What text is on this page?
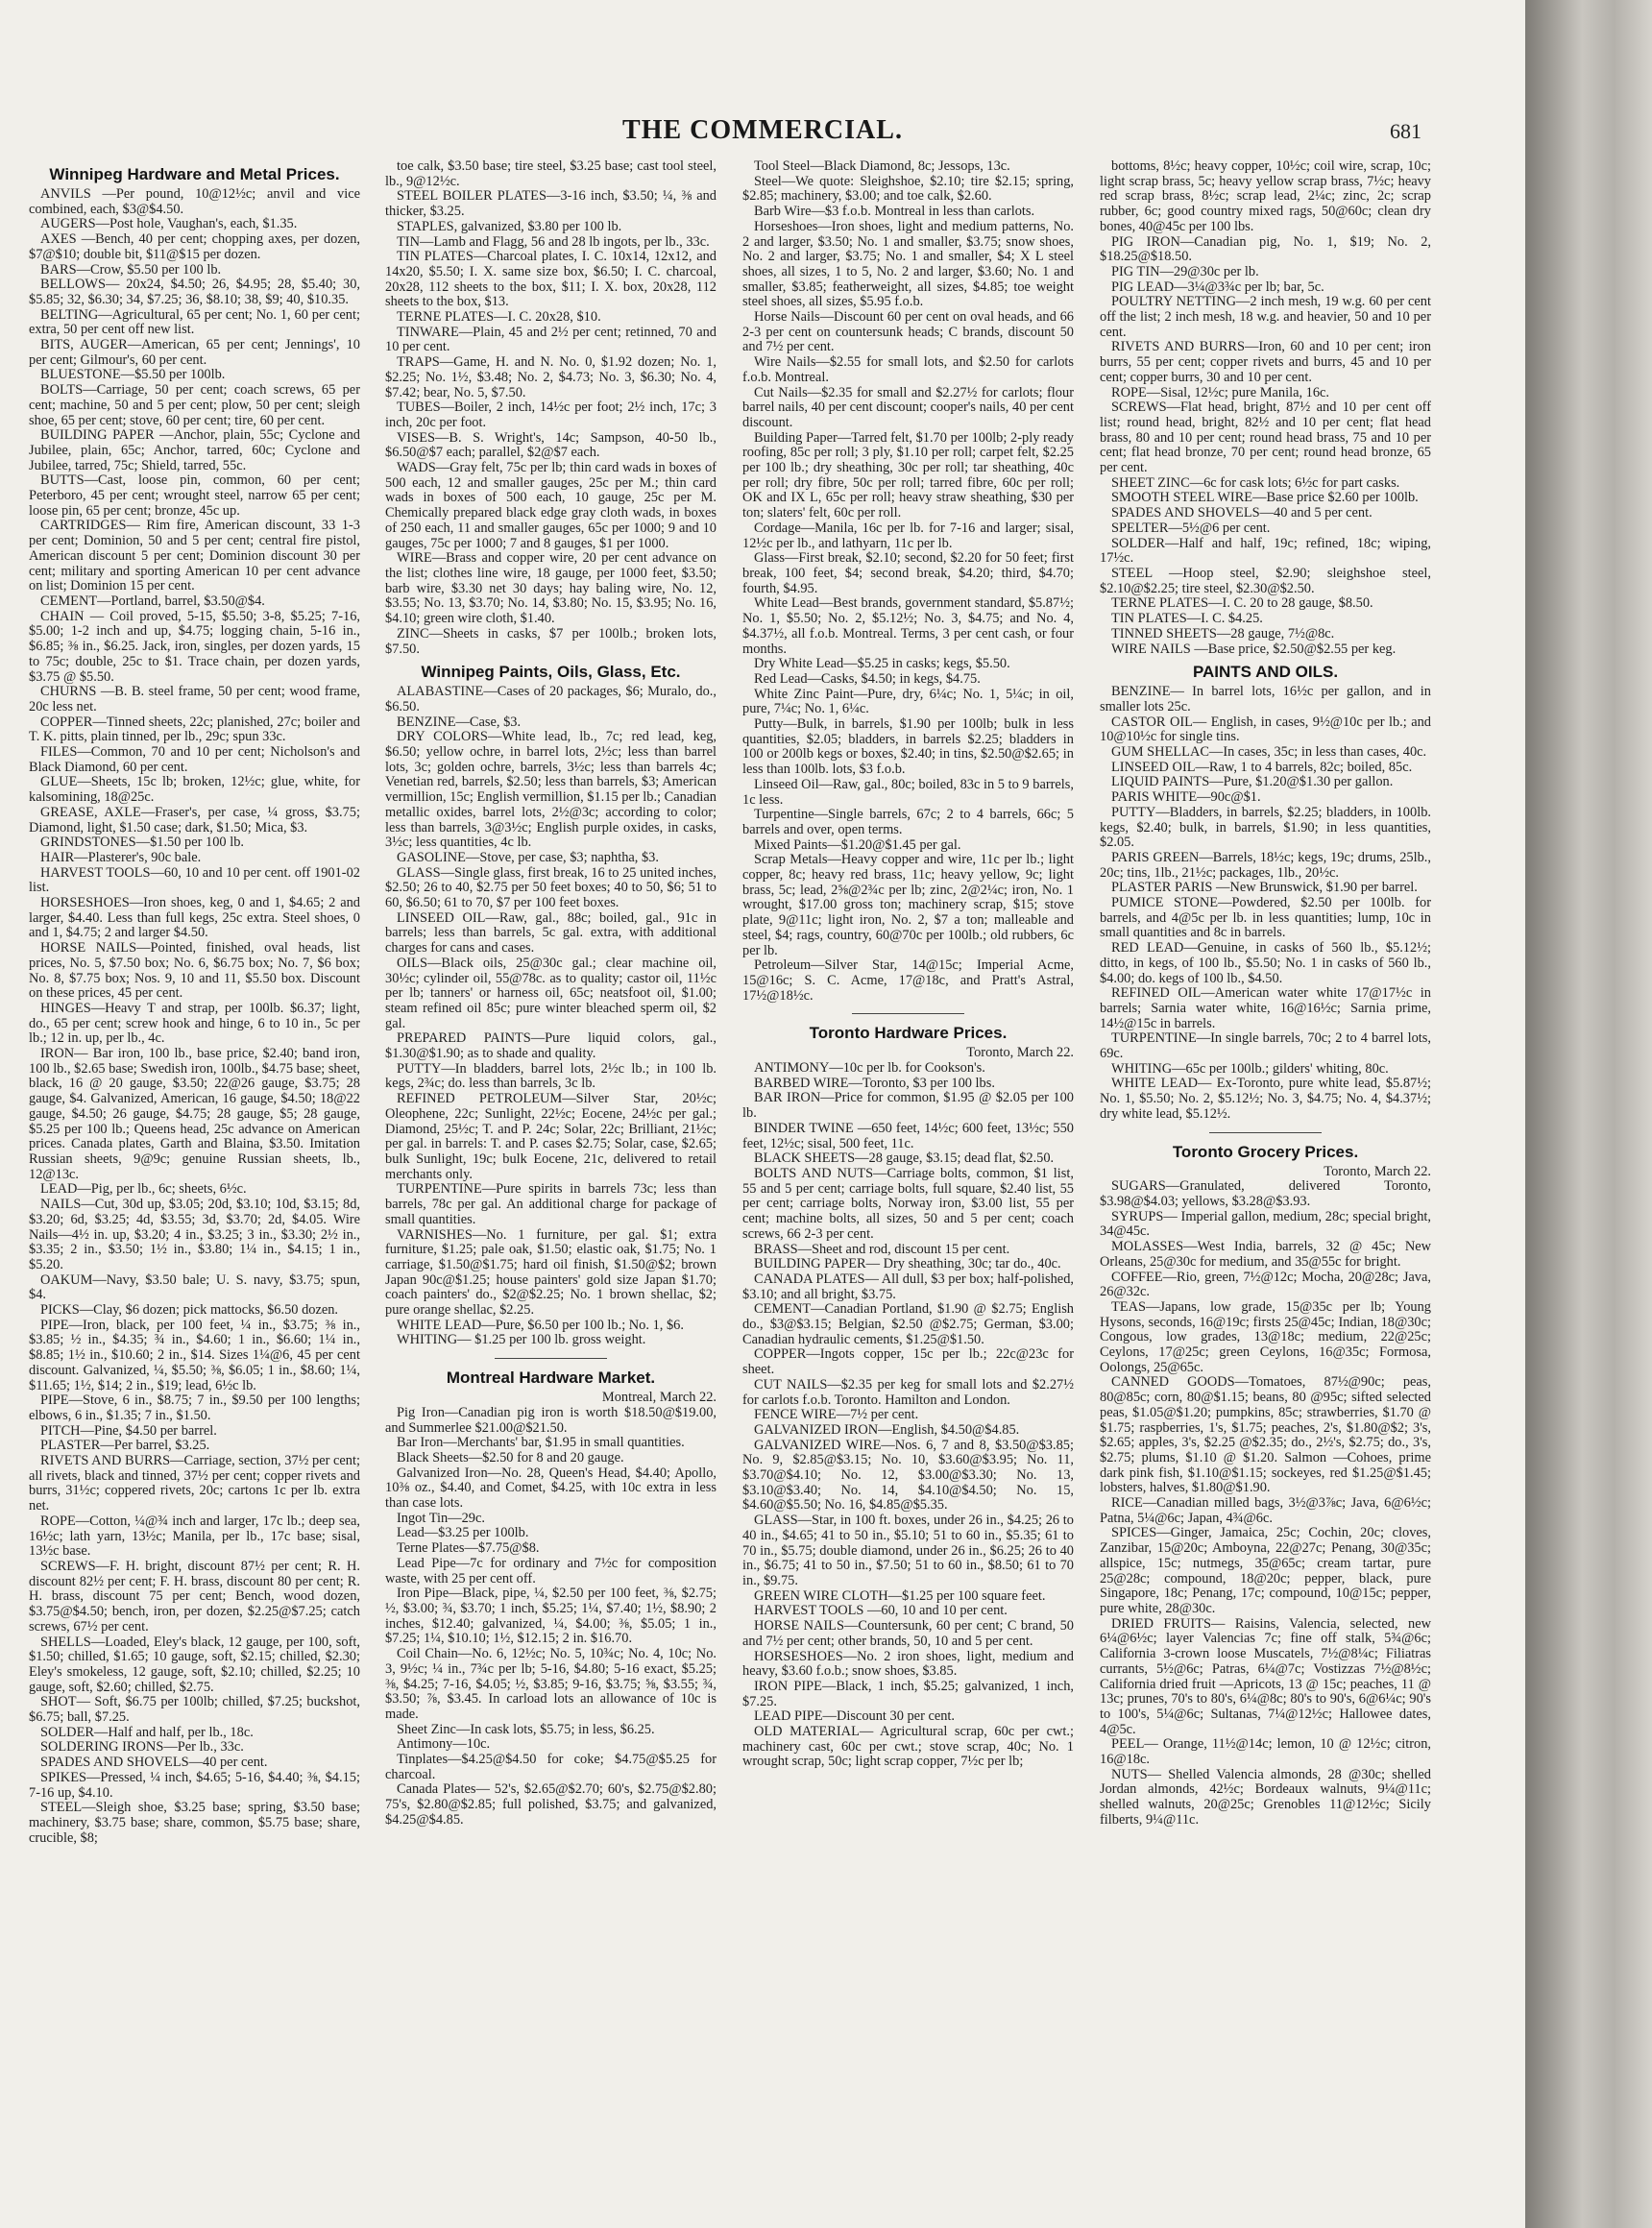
THE COMMERCIAL.	681
Winnipeg Hardware and Metal Prices.

ANVILS —Per pound, 10@12½c; anvil and vice combined, each, $3@$4.50.

AUGERS—Post hole, Vaughan's, each, $1.35.

AXES —Bench, 40 per cent; chopping axes, per dozen, $7@$10; double bit, $11@$15 per dozen.

BARS—Crow, $5.50 per 100 lb.

BELLOWS— 20x24, $4.50; 26, $4.95; 28, $5.40; 30, $5.85; 32, $6.30; 34, $7.25; 36, $8.10; 38, $9; 40, $10.35.

BELTING—Agricultural, 65 per cent; No. 1, 60 per cent; extra, 50 per cent off new list.

BITS, AUGER—American, 65 per cent; Jennings', 10 per cent; Gilmour's, 60 per cent.

BLUESTONE—$5.50 per 100lb.

BOLTS—Carriage, 50 per cent; coach screws, 65 per cent; machine, 50 and 5 per cent; plow, 50 per cent; sleigh shoe, 65 per cent; stove, 60 per cent; tire, 60 per cent.

BUILDING PAPER —Anchor, plain, 55c; Cyclone and Jubilee, plain, 65c; Anchor, tarred, 60c; Cyclone and Jubilee, tarred, 75c; Shield, tarred, 55c.

BUTTS—Cast, loose pin, common, 60 per cent; Peterboro, 45 per cent; wrought steel, narrow 65 per cent; loose pin, 65 per cent; bronze, 45c up.

CARTRIDGES— Rim fire, American discount, 33 1-3 per cent; Dominion, 50 and 5 per cent; central fire pistol, American discount 5 per cent; Dominion discount 30 per cent; military and sporting American 10 per cent advance on list; Dominion 15 per cent.

CEMENT—Portland, barrel, $3.50@$4.

CHAIN — Coil proved, 5-15, $5.50; 3-8, $5.25; 7-16, $5.00; 1-2 inch and up, $4.75; logging chain, 5-16 in., $6.85; ⅜ in., $6.25. Jack, iron, singles, per dozen yards, 15 to 75c; double, 25c to $1. Trace chain, per dozen yards, $3.75 @ $5.50.

CHURNS —B. B. steel frame, 50 per cent; wood frame, 20c less net.

COPPER—Tinned sheets, 22c; planished, 27c; boiler and T. K. pitts, plain tinned, per lb., 29c; spun 33c.

FILES—Common, 70 and 10 per cent; Nicholson's and Black Diamond, 60 per cent.

GLUE—Sheets, 15c lb; broken, 12½c; glue, white, for kalsomining, 18@25c.

GREASE, AXLE—Fraser's, per case, ¼ gross, $3.75; Diamond, light, $1.50 case; dark, $1.50; Mica, $3.

GRINDSTONES—$1.50 per 100 lb.

HAIR—Plasterer's, 90c bale.

HARVEST TOOLS—60, 10 and 10 per cent. off 1901-02 list.

HORSESHOES—Iron shoes, keg, 0 and 1, $4.65; 2 and larger, $4.40. Less than full kegs, 25c extra. Steel shoes, 0 and 1, $4.75; 2 and larger $4.50.

HORSE NAILS—Pointed, finished, oval heads, list prices, No. 5, $7.50 box; No. 6, $6.75 box; No. 7, $6 box; No. 8, $7.75 box; Nos. 9, 10 and 11, $5.50 box. Discount on these prices, 45 per cent.

HINGES—Heavy T and strap, per 100lb. $6.37; light, do., 65 per cent; screw hook and hinge, 6 to 10 in., 5c per lb.; 12 in. up, per lb., 4c.

IRON— Bar iron, 100 lb., base price, $2.40; band iron, 100 lb., $2.65 base; Swedish iron, 100lb., $4.75 base; sheet, black, 16 @ 20 gauge, $3.50; 22@26 gauge, $3.75; 28 gauge, $4. Galvanized, American, 16 gauge, $4.50; 18@22 gauge, $4.50; 26 gauge, $4.75; 28 gauge, $5; 28 gauge, $5.25 per 100 lb.; Queens head, 25c advance on American prices. Canada plates, Garth and Blaina, $3.50. Imitation Russian sheets, 9@9c; genuine Russian sheets, lb., 12@13c.

LEAD—Pig, per lb., 6c; sheets, 6½c.

NAILS—Cut, 30d up, $3.05; 20d, $3.10; 10d, $3.15; 8d, $3.20; 6d, $3.25; 4d, $3.55; 3d, $3.70; 2d, $4.05. Wire Nails—4½ in. up, $3.20; 4 in., $3.25; 3 in., $3.30; 2½ in., $3.35; 2 in., $3.50; 1½ in., $3.80; 1¼ in., $4.15; 1 in., $5.20.

OAKUM—Navy, $3.50 bale; U. S. navy, $3.75; spun, $4.

PICKS—Clay, $6 dozen; pick mattocks, $6.50 dozen.

PIPE—Iron, black, per 100 feet, ¼ in., $3.75; ⅜ in., $3.85; ½ in., $4.35; ¾ in., $4.60; 1 in., $6.60; 1¼ in., $8.85; 1½ in., $10.60; 2 in., $14. Sizes 1¼@6, 45 per cent discount. Galvanized, ¼, $5.50; ⅜, $6.05; 1 in., $8.60; 1¼, $11.65; 1½, $14; 2 in., $19; lead, 6½c lb.

PIPE—Stove, 6 in., $8.75; 7 in., $9.50 per 100 lengths; elbows, 6 in., $1.35; 7 in., $1.50.

PITCH—Pine, $4.50 per barrel.

PLASTER—Per barrel, $3.25.

RIVETS AND BURRS—Carriage, section, 37½ per cent; all rivets, black and tinned, 37½ per cent; copper rivets and burrs, 31½c; coppered rivets, 20c; cartons 1c per lb. extra net.

ROPE—Cotton, ¼@¾ inch and larger, 17c lb.; deep sea, 16½c; lath yarn, 13½c; Manila, per lb., 17c base; sisal, 13½c base.

SCREWS—F. H. bright, discount 87½ per cent; R. H. discount 82½ per cent; F. H. brass, discount 80 per cent; R. H. brass, discount 75 per cent; Bench, wood dozen, $3.75@$4.50; bench, iron, per dozen, $2.25@$7.25; catch screws, 67½ per cent.

SHELLS—Loaded, Eley's black, 12 gauge, per 100, soft, $1.50; chilled, $1.65; 10 gauge, soft, $2.15; chilled, $2.30; Eley's smokeless, 12 gauge, soft, $2.10; chilled, $2.25; 10 gauge, soft, $2.60; chilled, $2.75.

SHOT— Soft, $6.75 per 100lb; chilled, $7.25; buckshot, $6.75; ball, $7.25.

SOLDER—Half and half, per lb., 18c.

SOLDERING IRONS—Per lb., 33c.

SPADES AND SHOVELS—40 per cent.

SPIKES—Pressed, ¼ inch, $4.65; 5-16, $4.40; ⅜, $4.15; 7-16 up, $4.10.

STEEL—Sleigh shoe, $3.25 base; spring, $3.50 base; machinery, $3.75 base; share, common, $5.75 base; share, crucible, $8;

toe calk, $3.50 base; tire steel, $3.25 base; cast tool steel, lb., 9@12½c.

STEEL BOILER PLATES—3-16 inch, $3.50; ¼, ⅜ and thicker, $3.25.

STAPLES, galvanized, $3.80 per 100 lb.

TIN—Lamb and Flagg, 56 and 28 lb ingots, per lb., 33c.

TIN PLATES—Charcoal plates, I. C. 10x14, 12x12, and 14x20, $5.50; I. X. same size box, $6.50; I. C. charcoal, 20x28, 112 sheets to the box, $11; I. X. box, 20x28, 112 sheets to the box, $13.

TERNE PLATES—I. C. 20x28, $10.

TINWARE—Plain, 45 and 2½ per cent; retinned, 70 and 10 per cent.

TRAPS—Game, H. and N. No. 0, $1.92 dozen; No. 1, $2.25; No. 1½, $3.48; No. 2, $4.73; No. 3, $6.30; No. 4, $7.42; bear, No. 5, $7.50.

TUBES—Boiler, 2 inch, 14½c per foot; 2½ inch, 17c; 3 inch, 20c per foot.

VISES—B. S. Wright's, 14c; Sampson, 40-50 lb., $6.50@$7 each; parallel, $2@$7 each.

WADS—Gray felt, 75c per lb; thin card wads in boxes of 500 each, 12 and smaller gauges, 25c per M.; thin card wads in boxes of 500 each, 10 gauge, 25c per M. Chemically prepared black edge gray cloth wads, in boxes of 250 each, 11 and smaller gauges, 65c per 1000; 9 and 10 gauges, 75c per 1000; 7 and 8 gauges, $1 per 1000.

WIRE—Brass and copper wire, 20 per cent advance on the list; clothes line wire, 18 gauge, per 1000 feet, $3.50; barb wire, $3.30 net 30 days; hay baling wire, No. 12, $3.55; No. 13, $3.70; No. 14, $3.80; No. 15, $3.95; No. 16, $4.10; green wire cloth, $1.40.

ZINC—Sheets in casks, $7 per 100lb.; broken lots, $7.50.

Winnipeg Paints, Oils, Glass, Etc.

ALABASTINE—Cases of 20 packages, $6; Muralo, do., $6.50.

BENZINE—Case, $3.

DRY COLORS—White lead, lb., 7c; red lead, keg, $6.50; yellow ochre, in barrel lots, 2½c; less than barrel lots, 3c; golden ochre, barrels, 3½c; less than barrels 4c; Venetian red, barrels, $2.50; less than barrels, $3; American vermillion, 15c; English vermillion, $1.15 per lb.; Canadian metallic oxides, barrel lots, 2½@3c; according to color; less than barrels, 3@3½c; English purple oxides, in casks, 3½c; less quantities, 4c lb.

GASOLINE—Stove, per case, $3; naphtha, $3.

GLASS—Single glass, first break, 16 to 25 united inches, $2.50; 26 to 40, $2.75 per 50 feet boxes; 40 to 50, $6; 51 to 60, $6.50; 61 to 70, $7 per 100 feet boxes.

LINSEED OIL—Raw, gal., 88c; boiled, gal., 91c in barrels; less than barrels, 5c gal. extra, with additional charges for cans and cases.

OILS—Black oils, 25@30c gal.; clear machine oil, 30½c; cylinder oil, 55@78c. as to quality; castor oil, 11½c per lb; tanners' or harness oil, 65c; neatsfoot oil, $1.00; steam refined oil 85c; pure winter bleached sperm oil, $2 gal.

PREPARED PAINTS—Pure liquid colors, gal., $1.30@$1.90; as to shade and quality.

PUTTY—In bladders, barrel lots, 2½c lb.; in 100 lb. kegs, 2¾c; do. less than barrels, 3c lb.

REFINED PETROLEUM—Silver Star, 20½c; Oleophene, 22c; Sunlight, 22½c; Eocene, 24½c per gal.; Diamond, 25½c; T. and P. 24c; Solar, 22c; Brilliant, 21½c; per gal. in barrels: T. and P. cases $2.75; Solar, case, $2.65; bulk Sunlight, 19c; bulk Eocene, 21c, delivered to retail merchants only.

TURPENTINE—Pure spirits in barrels 73c; less than barrels, 78c per gal. An additional charge for package of small quantities.

VARNISHES—No. 1 furniture, per gal. $1; extra furniture, $1.25; pale oak, $1.50; elastic oak, $1.75; No. 1 carriage, $1.50@$1.75; hard oil finish, $1.50@$2; brown Japan 90c@$1.25; house painters' gold size Japan $1.70; coach painters' do., $2@$2.25; No. 1 brown shellac, $2; pure orange shellac, $2.25.

WHITE LEAD—Pure, $6.50 per 100 lb.; No. 1, $6.

WHITING— $1.25 per 100 lb. gross weight.

Montreal Hardware Market.

Montreal, March 22.

Pig Iron—Canadian pig iron is worth $18.50@$19.00, and Summerlee $21.00@$21.50.

Bar Iron—Merchants' bar, $1.95 in small quantities.

Black Sheets—$2.50 for 8 and 20 gauge.

Galvanized Iron—No. 28, Queen's Head, $4.40; Apollo, 10⅜ oz., $4.40, and Comet, $4.25, with 10c extra in less than case lots.

Ingot Tin—29c.

Lead—$3.25 per 100lb.

Terne Plates—$7.75@$8.

Lead Pipe—7c for ordinary and 7½c for composition waste, with 25 per cent off.

Iron Pipe—Black, pipe, ¼, $2.50 per 100 feet, ⅜, $2.75; ½, $3.00; ¾, $3.70; 1 inch, $5.25; 1¼, $7.40; 1½, $8.90; 2 inches, $12.40; galvanized, ¼, $4.00; ⅜, $5.05; 1 in., $7.25; 1¼, $10.10; 1½, $12.15; 2 in. $16.70.

Coil Chain—No. 6, 12½c; No. 5, 10¾c; No. 4, 10c; No. 3, 9½c; ¼ in., 7¾c per lb; 5-16, $4.80; 5-16 exact, $5.25; ⅜, $4.25; 7-16, $4.05; ½, $3.85; 9-16, $3.75; ⅝, $3.55; ¾, $3.50; ⅞, $3.45. In carload lots an allowance of 10c is made.

Sheet Zinc—In cask lots, $5.75; in less, $6.25.

Antimony—10c.

Tinplates—$4.25@$4.50 for coke; $4.75@$5.25 for charcoal.

Canada Plates— 52's, $2.65@$2.70; 60's, $2.75@$2.80; 75's, $2.80@$2.85; full polished, $3.75; and galvanized, $4.25@$4.85.

Tool Steel—Black Diamond, 8c; Jessops, 13c.

Steel—We quote: Sleighshoe, $2.10; tire $2.15; spring, $2.85; machinery, $3.00; and toe calk, $2.60.

Barb Wire—$3 f.o.b. Montreal in less than carlots.

Horseshoes—Iron shoes, light and medium patterns, No. 2 and larger, $3.50; No. 1 and smaller, $3.75; snow shoes, No. 2 and larger, $3.75; No. 1 and smaller, $4; X L steel shoes, all sizes, 1 to 5, No. 2 and larger, $3.60; No. 1 and smaller, $3.85; featherweight, all sizes, $4.85; toe weight steel shoes, all sizes, $5.95 f.o.b.

Horse Nails—Discount 60 per cent on oval heads, and 66 2-3 per cent on countersunk heads; C brands, discount 50 and 7½ per cent.

Wire Nails—$2.55 for small lots, and $2.50 for carlots f.o.b. Montreal.

Cut Nails—$2.35 for small and $2.27½ for carlots; flour barrel nails, 40 per cent discount; cooper's nails, 40 per cent discount.

Building Paper—Tarred felt, $1.70 per 100lb; 2-ply ready roofing, 85c per roll; 3 ply, $1.10 per roll; carpet felt, $2.25 per 100 lb.; dry sheathing, 30c per roll; tar sheathing, 40c per roll; dry fibre, 50c per roll; tarred fibre, 60c per roll; OK and IX L, 65c per roll; heavy straw sheathing, $30 per ton; slaters' felt, 60c per roll.

Cordage—Manila, 16c per lb. for 7-16 and larger; sisal, 12½c per lb., and lathyarn, 11c per lb.

Glass—First break, $2.10; second, $2.20 for 50 feet; first break, 100 feet, $4; second break, $4.20; third, $4.70; fourth, $4.95.

White Lead—Best brands, government standard, $5.87½; No. 1, $5.50; No. 2, $5.12½; No. 3, $4.75; and No. 4, $4.37½, all f.o.b. Montreal. Terms, 3 per cent cash, or four months.

Dry White Lead—$5.25 in casks; kegs, $5.50.

Red Lead—Casks, $4.50; in kegs, $4.75.

White Zinc Paint—Pure, dry, 6¼c; No. 1, 5¼c; in oil, pure, 7¼c; No. 1, 6¼c.

Putty—Bulk, in barrels, $1.90 per 100lb; bulk in less quantities, $2.05; bladders, in barrels $2.25; bladders in 100 or 200lb kegs or boxes, $2.40; in tins, $2.50@$2.65; in less than 100lb. lots, $3 f.o.b.

Linseed Oil—Raw, gal., 80c; boiled, 83c in 5 to 9 barrels, 1c less.

Turpentine—Single barrels, 67c; 2 to 4 barrels, 66c; 5 barrels and over, open terms.

Mixed Paints—$1.20@$1.45 per gal.

Scrap Metals—Heavy copper and wire, 11c per lb.; light copper, 8c; heavy red brass, 11c; heavy yellow, 9c; light brass, 5c; lead, 2⅝@2¾c per lb; zinc, 2@2¼c; iron, No. 1 wrought, $17.00 gross ton; machinery scrap, $15; stove plate, 9@11c; light iron, No. 2, $7 a ton; malleable and steel, $4; rags, country, 60@70c per 100lb.; old rubbers, 6c per lb.

Petroleum—Silver Star, 14@15c; Imperial Acme, 15@16c; S. C. Acme, 17@18c, and Pratt's Astral, 17½@18½c.

Toronto Hardware Prices.

Toronto, March 22.

ANTIMONY—10c per lb. for Cookson's.

BARBED WIRE—Toronto, $3 per 100 lbs.

BAR IRON—Price for common, $1.95 @ $2.05 per 100 lb.

BINDER TWINE —650 feet, 14½c; 600 feet, 13½c; 550 feet, 12½c; sisal, 500 feet, 11c.

BLACK SHEETS—28 gauge, $3.15; dead flat, $2.50.

BOLTS AND NUTS—Carriage bolts, common, $1 list, 55 and 5 per cent; carriage bolts, full square, $2.40 list, 55 per cent; carriage bolts, Norway iron, $3.00 list, 55 per cent; machine bolts, all sizes, 50 and 5 per cent; coach screws, 66 2-3 per cent.

BRASS—Sheet and rod, discount 15 per cent.

BUILDING PAPER— Dry sheathing, 30c; tar do., 40c.

CANADA PLATES— All dull, $3 per box; half-polished, $3.10; and all bright, $3.75.

CEMENT—Canadian Portland, $1.90 @ $2.75; English do., $3@$3.15; Belgian, $2.50 @$2.75; German, $3.00; Canadian hydraulic cements, $1.25@$1.50.

COPPER—Ingots copper, 15c per lb.; 22c@23c for sheet.

CUT NAILS—$2.35 per keg for small lots and $2.27½ for carlots f.o.b. Toronto. Hamilton and London.

FENCE WIRE—7½ per cent.

GALVANIZED IRON—English, $4.50@$4.85.

GALVANIZED WIRE—Nos. 6, 7 and 8, $3.50@$3.85; No. 9, $2.85@$3.15; No. 10, $3.60@$3.95; No. 11, $3.70@$4.10; No. 12, $3.00@$3.30; No. 13, $3.10@$3.40; No. 14, $4.10@$4.50; No. 15, $4.60@$5.50; No. 16, $4.85@$5.35.

GLASS—Star, in 100 ft. boxes, under 26 in., $4.25; 26 to 40 in., $4.65; 41 to 50 in., $5.10; 51 to 60 in., $5.35; 61 to 70 in., $5.75; double diamond, under 26 in., $6.25; 26 to 40 in., $6.75; 41 to 50 in., $7.50; 51 to 60 in., $8.50; 61 to 70 in., $9.75.

GREEN WIRE CLOTH—$1.25 per 100 square feet.

HARVEST TOOLS —60, 10 and 10 per cent.

HORSE NAILS—Countersunk, 60 per cent; C brand, 50 and 7½ per cent; other brands, 50, 10 and 5 per cent.

HORSESHOES—No. 2 iron shoes, light, medium and heavy, $3.60 f.o.b.; snow shoes, $3.85.

IRON PIPE—Black, 1 inch, $5.25; galvanized, 1 inch, $7.25.

LEAD PIPE—Discount 30 per cent.

OLD MATERIAL— Agricultural scrap, 60c per cwt.; machinery cast, 60c per cwt.; stove scrap, 40c; No. 1 wrought scrap, 50c; light scrap copper, 7½c per lb;

bottoms, 8½c; heavy copper, 10½c; coil wire, scrap, 10c; light scrap brass, 5c; heavy yellow scrap brass, 7½c; heavy red scrap brass, 8½c; scrap lead, 2¼c; zinc, 2c; scrap rubber, 6c; good country mixed rags, 50@60c; clean dry bones, 40@45c per 100 lbs.

PIG IRON—Canadian pig, No. 1, $19; No. 2, $18.25@$18.50.

PIG TIN—29@30c per lb.

PIG LEAD—3¼@3¾c per lb; bar, 5c.

POULTRY NETTING—2 inch mesh, 19 w.g. 60 per cent off the list; 2 inch mesh, 18 w.g. and heavier, 50 and 10 per cent.

RIVETS AND BURRS—Iron, 60 and 10 per cent; iron burrs, 55 per cent; copper rivets and burrs, 45 and 10 per cent; copper burrs, 30 and 10 per cent.

ROPE—Sisal, 12½c; pure Manila, 16c.

SCREWS—Flat head, bright, 87½ and 10 per cent off list; round head, bright, 82½ and 10 per cent; flat head brass, 80 and 10 per cent; round head brass, 75 and 10 per cent; flat head bronze, 70 per cent; round head bronze, 65 per cent.

SHEET ZINC—6c for cask lots; 6½c for part casks.

SMOOTH STEEL WIRE—Base price $2.60 per 100lb.

SPADES AND SHOVELS—40 and 5 per cent.

SPELTER—5½@6 per cent.

SOLDER—Half and half, 19c; refined, 18c; wiping, 17½c.

STEEL —Hoop steel, $2.90; sleighshoe steel, $2.10@$2.25; tire steel, $2.30@$2.50.

TERNE PLATES—I. C. 20 to 28 gauge, $8.50.

TIN PLATES—I. C. $4.25.

TINNED SHEETS—28 gauge, 7½@8c.

WIRE NAILS —Base price, $2.50@$2.55 per keg.

PAINTS AND OILS.

BENZINE— In barrel lots, 16½c per gallon, and in smaller lots 25c.

CASTOR OIL— English, in cases, 9½@10c per lb.; and 10@10½c for single tins.

GUM SHELLAC—In cases, 35c; in less than cases, 40c.

LINSEED OIL—Raw, 1 to 4 barrels, 82c; boiled, 85c.

LIQUID PAINTS—Pure, $1.20@$1.30 per gallon.

PARIS WHITE—90c@$1.

PUTTY—Bladders, in barrels, $2.25; bladders, in 100lb. kegs, $2.40; bulk, in barrels, $1.90; in less quantities, $2.05.

PARIS GREEN—Barrels, 18½c; kegs, 19c; drums, 25lb., 20c; tins, 1lb., 21½c; packages, 1lb., 20½c.

PLASTER PARIS —New Brunswick, $1.90 per barrel.

PUMICE STONE—Powdered, $2.50 per 100lb. for barrels, and 4@5c per lb. in less quantities; lump, 10c in small quantities and 8c in barrels.

RED LEAD—Genuine, in casks of 560 lb., $5.12½; ditto, in kegs, of 100 lb., $5.50; No. 1 in casks of 560 lb., $4.00; do. kegs of 100 lb., $4.50.

REFINED OIL—American water white 17@17½c in barrels; Sarnia water white, 16@16½c; Sarnia prime, 14½@15c in barrels.

TURPENTINE—In single barrels, 70c; 2 to 4 barrel lots, 69c.

WHITING—65c per 100lb.; gilders' whiting, 80c.

WHITE LEAD— Ex-Toronto, pure white lead, $5.87½; No. 1, $5.50; No. 2, $5.12½; No. 3, $4.75; No. 4, $4.37½; dry white lead, $5.12½.

Toronto Grocery Prices.

Toronto, March 22.

SUGARS—Granulated, delivered Toronto, $3.98@$4.03; yellows, $3.28@$3.93.

SYRUPS— Imperial gallon, medium, 28c; special bright, 34@45c.

MOLASSES—West India, barrels, 32 @ 45c; New Orleans, 25@30c for medium, and 35@55c for bright.

COFFEE—Rio, green, 7½@12c; Mocha, 20@28c; Java, 26@32c.

TEAS—Japans, low grade, 15@35c per lb; Young Hysons, seconds, 16@19c; firsts 25@45c; Indian, 18@30c; Congous, low grades, 13@18c; medium, 22@25c; Ceylons, 17@25c; green Ceylons, 16@35c; Formosa, Oolongs, 25@65c.

CANNED GOODS—Tomatoes, 87½@90c; peas, 80@85c; corn, 80@$1.15; beans, 80 @95c; sifted selected peas, $1.05@$1.20; pumpkins, 85c; strawberries, $1.70 @ $1.75; raspberries, 1's, $1.75; peaches, 2's, $1.80@$2; 3's, $2.65; apples, 3's, $2.25 @$2.35; do., 2½'s, $2.75; do., 3's, $2.75; plums, $1.10 @ $1.20. Salmon —Cohoes, prime dark pink fish, $1.10@$1.15; sockeyes, red $1.25@$1.45; lobsters, halves, $1.80@$1.90.

RICE—Canadian milled bags, 3½@3⅞c; Java, 6@6½c; Patna, 5¼@6c; Japan, 4¾@6c.

SPICES—Ginger, Jamaica, 25c; Cochin, 20c; cloves, Zanzibar, 15@20c; Amboyna, 22@27c; Penang, 30@35c; allspice, 15c; nutmegs, 35@65c; cream tartar, pure 25@28c; compound, 18@20c; pepper, black, pure Singapore, 18c; Penang, 17c; compound, 10@15c; pepper, pure white, 28@30c.

DRIED FRUITS— Raisins, Valencia, selected, new 6¼@6½c; layer Valencias 7c; fine off stalk, 5¾@6c; California 3-crown loose Muscatels, 7½@8¼c; Filiatras currants, 5½@6c; Patras, 6¼@7c; Vostizzas 7½@8½c; California dried fruit —Apricots, 13 @ 15c; peaches, 11 @ 13c; prunes, 70's to 80's, 6¼@8c; 80's to 90's, 6@6¼c; 90's to 100's, 5¼@6c; Sultanas, 7¼@12½c; Hallowee dates, 4@5c.

PEEL— Orange, 11½@14c; lemon, 10 @ 12½c; citron, 16@18c.

NUTS— Shelled Valencia almonds, 28 @30c; shelled Jordan almonds, 42½c; Bordeaux walnuts, 9¼@11c; shelled walnuts, 20@25c; Grenobles 11@12½c; Sicily filberts, 9¼@11c.
